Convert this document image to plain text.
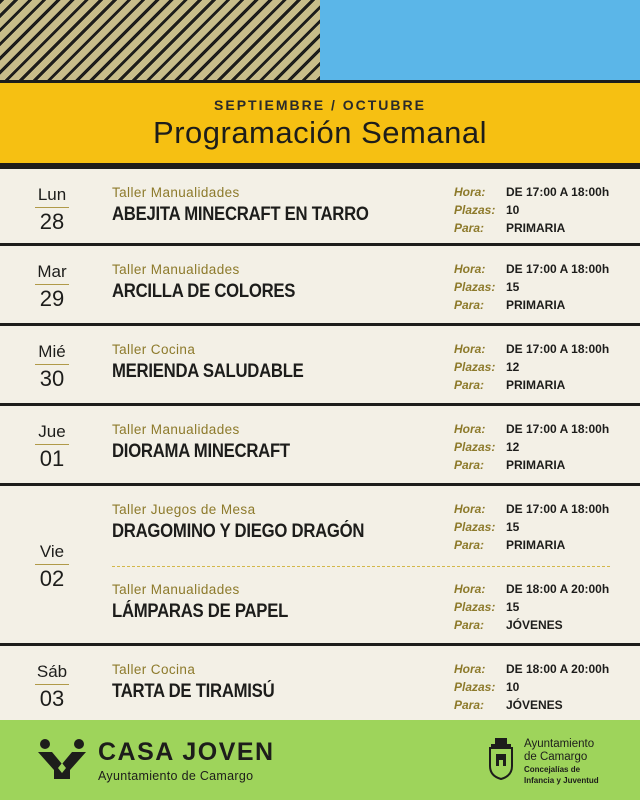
SEPTIEMBRE / OCTUBRE
Programación Semanal
Lun
28
Taller Manualidades
ABEJITA MINECRAFT EN TARRO
Hora: DE 17:00 A 18:00h
Plazas: 10
Para: PRIMARIA
Mar
29
Taller Manualidades
ARCILLA DE COLORES
Hora: DE 17:00 A 18:00h
Plazas: 15
Para: PRIMARIA
Mié
30
Taller Cocina
MERIENDA SALUDABLE
Hora: DE 17:00 A 18:00h
Plazas: 12
Para: PRIMARIA
Jue
01
Taller Manualidades
DIORAMA MINECRAFT
Hora: DE 17:00 A 18:00h
Plazas: 12
Para: PRIMARIA
Vie
02
Taller Juegos de Mesa
DRAGOMINO Y DIEGO DRAGÓN
Hora: DE 17:00 A 18:00h
Plazas: 15
Para: PRIMARIA
Taller Manualidades
LÁMPARAS DE PAPEL
Hora: DE 18:00 A 20:00h
Plazas: 15
Para: JÓVENES
Sáb
03
Taller Cocina
TARTA DE TIRAMISÚ
Hora: DE 18:00 A 20:00h
Plazas: 10
Para: JÓVENES
CASA JOVEN
Ayuntamiento de Camargo
Ayuntamiento
de Camargo
Concejalías de
Infancia y Juventud
